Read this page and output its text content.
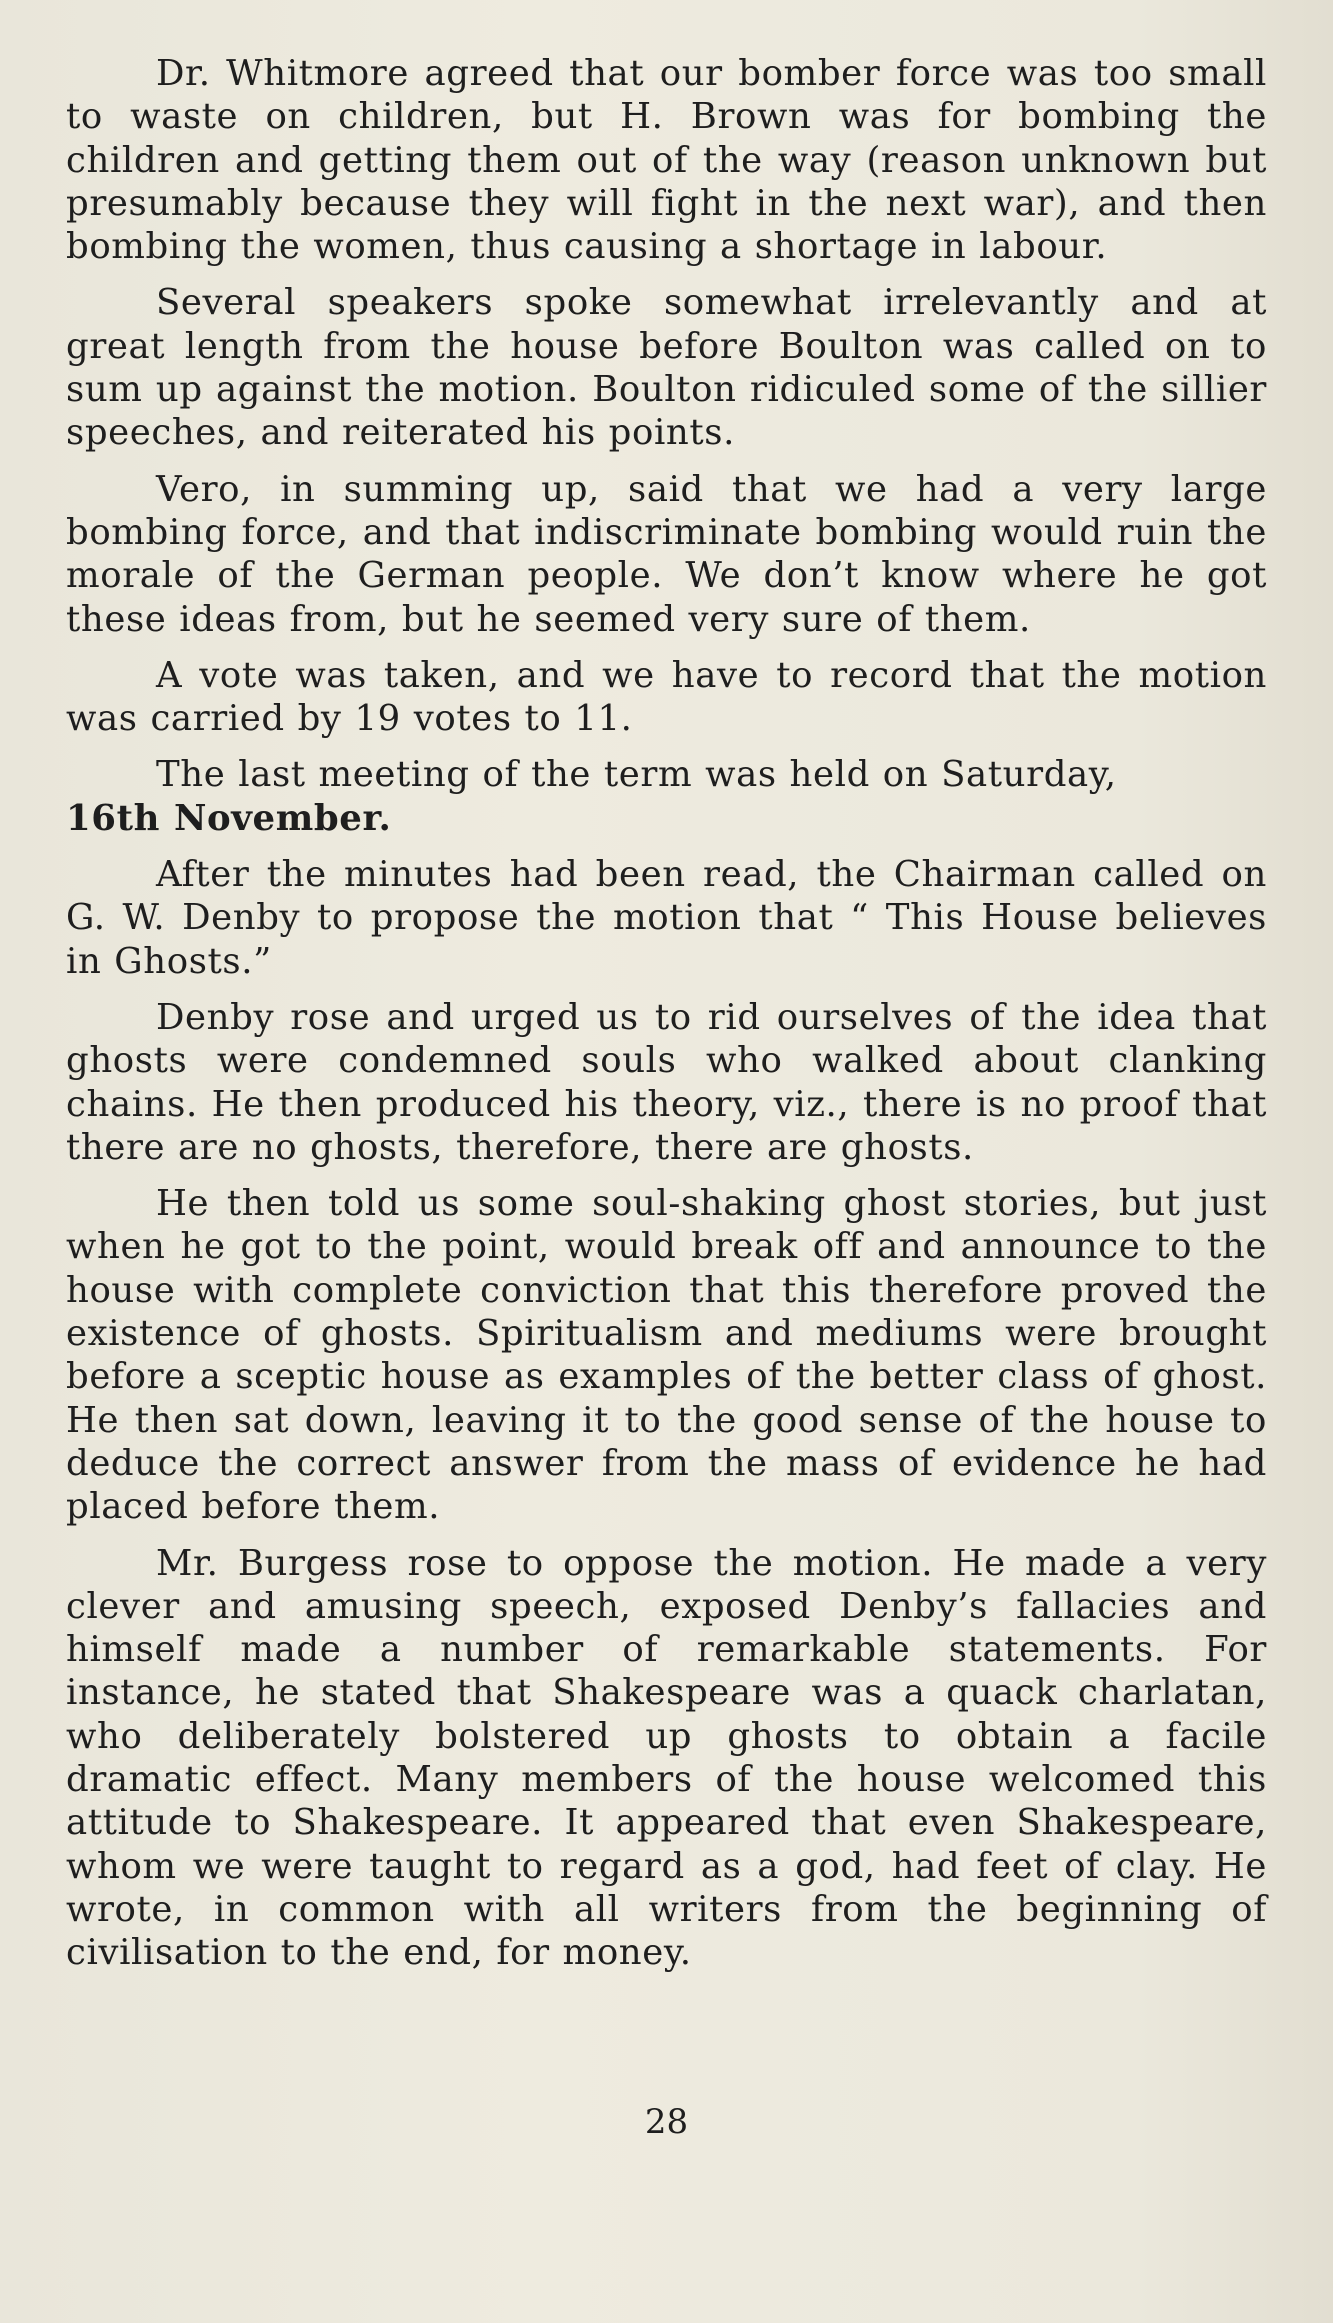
Dr. Whitmore agreed that our bomber force was too small to waste on children, but H. Brown was for bombing the children and getting them out of the way (reason unknown but presumably because they will fight in the next war), and then bombing the women, thus causing a shortage in labour.

Several speakers spoke somewhat irrelevantly and at great length from the house before Boulton was called on to sum up against the motion. Boulton ridiculed some of the sillier speeches, and reiterated his points.

Vero, in summing up, said that we had a very large bombing force, and that indiscriminate bombing would ruin the morale of the German people. We don’t know where he got these ideas from, but he seemed very sure of them.

A vote was taken, and we have to record that the motion was carried by 19 votes to 11.

The last meeting of the term was held on Saturday,
16th November.

After the minutes had been read, the Chairman called on G. W. Denby to propose the motion that “ This House believes in Ghosts.”

Denby rose and urged us to rid ourselves of the idea that ghosts were condemned souls who walked about clanking chains. He then produced his theory, viz., there is no proof that there are no ghosts, therefore, there are ghosts.

He then told us some soul-shaking ghost stories, but just when he got to the point, would break off and announce to the house with complete conviction that this therefore proved the existence of ghosts. Spiritualism and mediums were brought before a sceptic house as examples of the better class of ghost. He then sat down, leaving it to the good sense of the house to deduce the correct answer from the mass of evidence he had placed before them.

Mr. Burgess rose to oppose the motion. He made a very clever and amusing speech, exposed Denby’s fallacies and himself made a number of remarkable statements. For instance, he stated that Shakespeare was a quack charlatan, who deliberately bolstered up ghosts to obtain a facile dramatic effect. Many members of the house welcomed this attitude to Shakespeare. It appeared that even Shakespeare, whom we were taught to regard as a god, had feet of clay. He wrote, in common with all writers from the beginning of civilisation to the end, for money.

28
